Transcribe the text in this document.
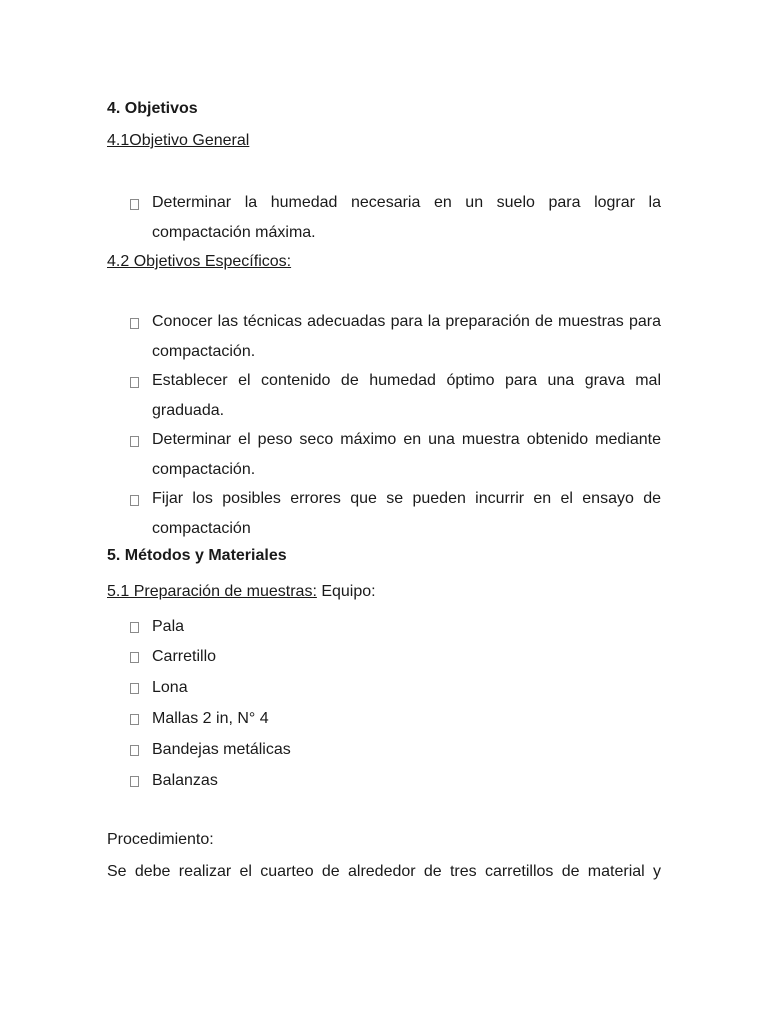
4. Objetivos
4.1Objetivo General
Determinar la humedad necesaria en un suelo para lograr la compactación máxima.
4.2 Objetivos Específicos:
Conocer las técnicas adecuadas para la preparación de muestras para compactación.
Establecer el contenido de humedad óptimo para una grava mal graduada.
Determinar el peso seco máximo en una muestra obtenido mediante compactación.
Fijar los posibles errores que se pueden incurrir en el ensayo de compactación
5. Métodos y Materiales
5.1 Preparación de muestras: Equipo:
Pala
Carretillo
Lona
Mallas 2 in, N° 4
Bandejas metálicas
Balanzas
Procedimiento:
Se debe realizar el cuarteo de alrededor de tres carretillos de material y
